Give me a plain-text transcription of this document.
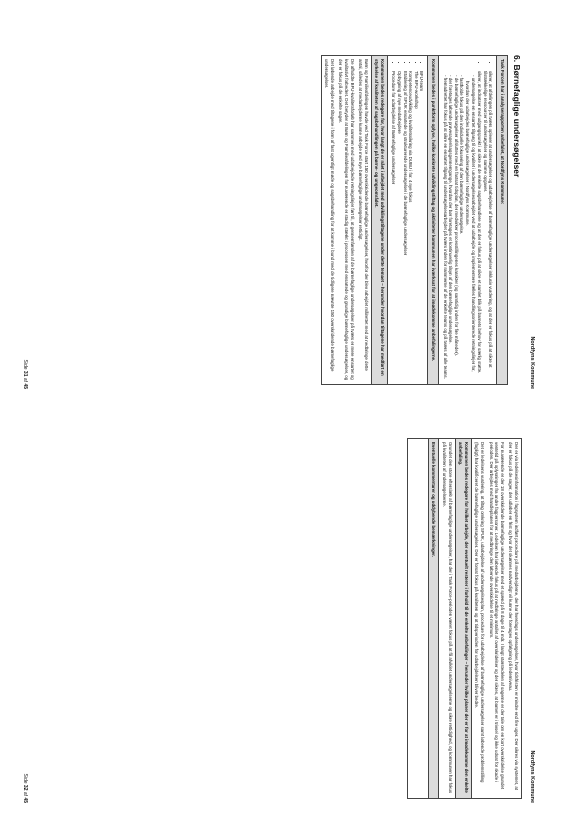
Nordfyns Kommune
6. Børnefaglige undersøgelser
Task Forcen har i analyserapporten anbefalet, at Nordfyns Kommune:
• sikrer, at afdelingen på tværs oplever at undersøgelser og udarbejdelse af børnefaglige undersøgelser inklusiv vurdering, og at der er fokus på at sikre at tilstrækkelige ressourcer til undersøgelser og samme opgaver.
• sikrer, at indsatser med udgangspunkt i at sikre at de enkelte sagsbehandlere og at der er fokus på at sikre et samlet blik på barnets behov for særlig støtte.
- undersøgelse en ensartet tilgang til og kvalitet i undersøgelsesarbejdet ved at udarbejde og implementere fælles handlingsorienterede retningslinjer for, hvordan der udarbejdes børnefaglige undersøgelser i Nordfyns Kommune.
- fastholde fokus på den individuelle fokusering af den børnefaglige undersøgelse.
- de børnefaglige undersøgelser afsluttes med en fastsat tidsplan, der medvirker processtillingenes karakter (og samtidig inden for fire måneder).
- der foretages løbende prøvesager/sagsgennemgange, hvordan der bør foretages et kontinuerlig tilsyn af den børnefaglige undersøgelse.
- fremadrettet har fokus på at sikre en ensartet tilgang til undersøgelsesarbejdet på tværs inden for rammerne af de enkelte teams og på tværs af alle teams.
Kommunen bedes i punktform oplyse, hvilke konkrete udviklingstiltag og aktiviteter kommunen har iværksat for at imødekomme anbefalingerne.
• BFU-team
• The BFU-workshop
• Kompetenceudvikling og kvalitetssikring via DUBU i for. 4 nye fokus
• Etablering af SPUK ensartede og strukturerede undersøgelser i de børnefaglige undersøgelser
• Opbygning af nye medarbejdere
• Procedure for udarbejdelse af Børnefaglige undersøgelser
Kommunen bedes redegøre for, hvor langt de er nået i arbejdet med udviklingstiltagene under dette temaet – herunder hvordan tiltagene har medført en styrkelse af kvaliteten af sagsbehandlingen på børne- og ungeområdet.

Børn og Familieafdelingen havde ved Task Force start 150 overskridende børnefaglige undersøgelser, hvorfor der blev arbejdet målrettet med at nedbringe dette antal, således at medarbejderne kunne arbejde med nye børnefaglige undersøgelser rettidigt.

De afholdte BFU-kvalitetsforløb har sammen med udarbejdede retningslinjer ført til, at gennemførslen af de børnefaglige undersøgelser på tværs er mere ensartet og kvalitativt forbedret. Det betyder at Børn og Familieafdelingen for nuværende er stadig stærkt i processen med ensartede og grundige børnefaglige undersøgelser, og der er fokus på de enkelte sager.

Det løbende arbejde med tiltagene i form af fast ugentligt møde og sagsbehandling for at komme i bund med de tidligere nævnte 150 overskridende børnefaglige undersøgelser.

Side 31 af 45
Nordfyns Kommune

Der er via ledelsesinformation i fagsystem indført procedure på medarbejderne, der har hverdags undersøgelser, hvor tidsfristen er mindre end fire uger. Der sikres via systemet, at der er fokus på de sager, der udløber en frist og hvor det skønnes nødvendigt vil kunne der foretages opfølgning på lederniveau.

For nuværende er der 18 overskridende børnefaglige undersøgelser med et spænd på 8 dage til 4 mdr. I langt størstedelen af sagerne er der tale om en kort overskridelse grundet ventetid på oplysninger fra andre fagpersoner. Ledelsen har løbende fokus på at nedbringe antallet af overskridelser og der sikres, at barnet er i trivsel og ikke udsat for skade i perioden. Der arbejdes med handleplanen for at nedbringe den løbende overskridelse til et minimum.

Det er ledelsens vurdering, at tiltag omkring SPUK, udarbejdelse af undersøgelsesplan, procedure for udarbejdelse af børnefaglige undersøgelser samt løbende problemstilling (fagligt) har kvalificeret de børnefaglige undersøgelser. Der er forsat fokus på kvaliteten og at tidsperioden for udarbejdelsen bliver bedre.

Kommunen bedes redegøre for hvilket arbejde, der eventuelt resterer i forhold til de enkelte anbefalinger – herunder hvilke planer der er for at imødekomme den enkelte anbefaling.
Grundet den store efterslæb af børnefaglige undersøgelser, har der i Task Force-perioden været fokus på at få afviklet undersøgelserne og sikre rettidighed, og kommunen har fokus på kvaliteten af undersøgelserne.
Eventuelle kommentarer og uddybende bemærkninger.
Side 32 af 45
